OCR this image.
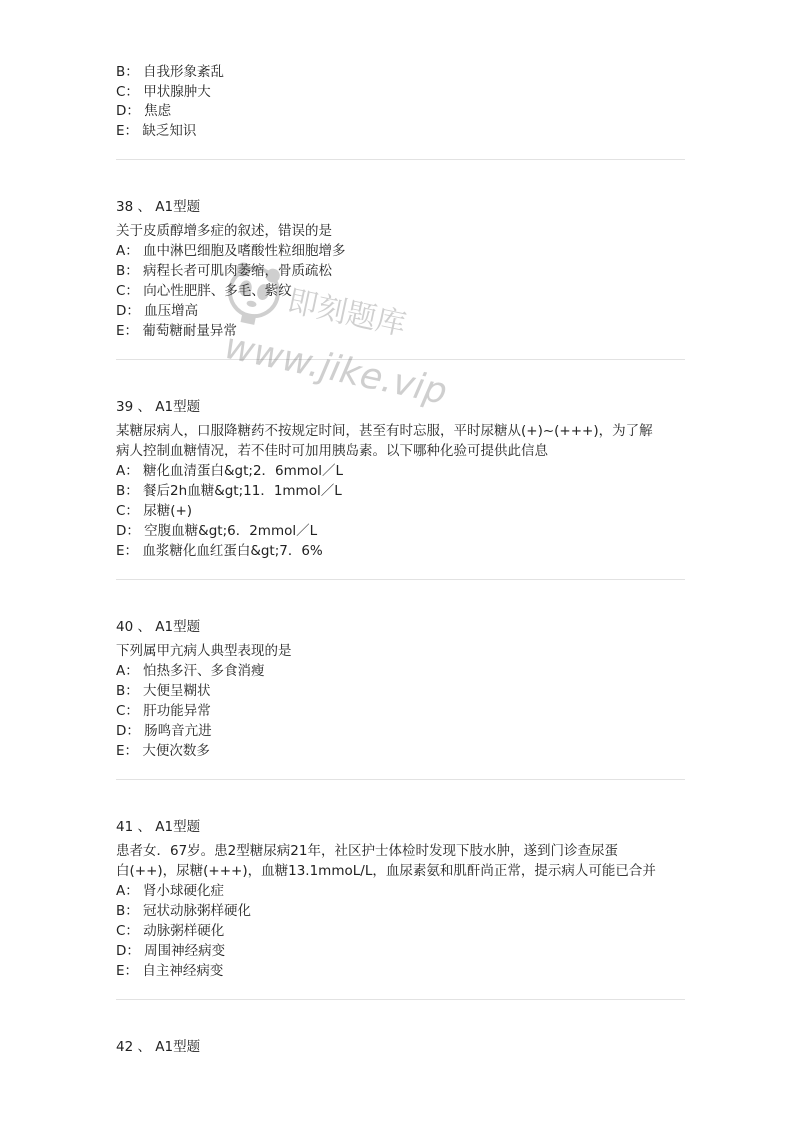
B： 自我形象紊乱
C： 甲状腺肿大
D： 焦虑
E： 缺乏知识
38 、 A1型题
关于皮质醇增多症的叙述，错误的是
A： 血中淋巴细胞及嗜酸性粒细胞增多
B： 病程长者可肌肉萎缩，骨质疏松
C： 向心性肥胖、多毛、紫纹
D： 血压增高
E： 葡萄糖耐量异常
39 、 A1型题
某糖尿病人，口服降糖药不按规定时间，甚至有时忘服，平时尿糖从(+)~(+++)，为了解
病人控制血糖情况，若不佳时可加用胰岛素。以下哪种化验可提供此信息
A： 糖化血清蛋白&gt;2．6mmol／L
B： 餐后2h血糖&gt;11．1mmol／L
C： 尿糖(+)
D： 空腹血糖&gt;6．2mmol／L
E： 血浆糖化血红蛋白&gt;7．6%
40 、 A1型题
下列属甲亢病人典型表现的是
A： 怕热多汗、多食消瘦
B： 大便呈糊状
C： 肝功能异常
D： 肠鸣音亢进
E： 大便次数多
41 、 A1型题
患者女．67岁。患2型糖尿病21年，社区护士体检时发现下肢水肿，遂到门诊查尿蛋
白(++)，尿糖(+++)，血糖13.1mmoL/L，血尿素氨和肌酐尚正常，提示病人可能已合并
A： 肾小球硬化症
B： 冠状动脉粥样硬化
C： 动脉粥样硬化
D： 周围神经病变
E： 自主神经病变
42 、 A1型题
即刻题库
www.jike.vip
